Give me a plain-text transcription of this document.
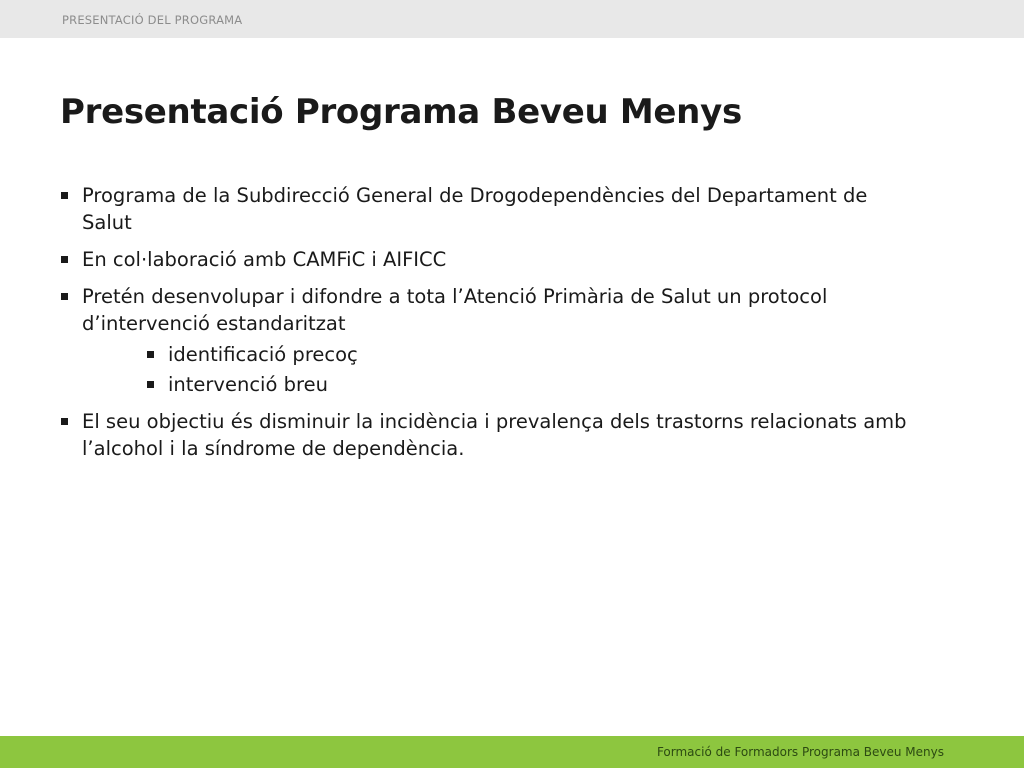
PRESENTACIÓ DEL PROGRAMA
Presentació Programa Beveu Menys
Programa de la Subdirecció General de Drogodependències del Departament de Salut
En col·laboració amb CAMFiC i AIFICC
Pretén desenvolupar i difondre a tota l’Atenció Primària de Salut un protocol d’intervenció estandaritzat
identificació precoç
intervenció breu
El seu objectiu és disminuir la incidència i prevalença dels trastorns relacionats amb l’alcohol i la síndrome de dependència.
Formació de Formadors Programa Beveu Menys
